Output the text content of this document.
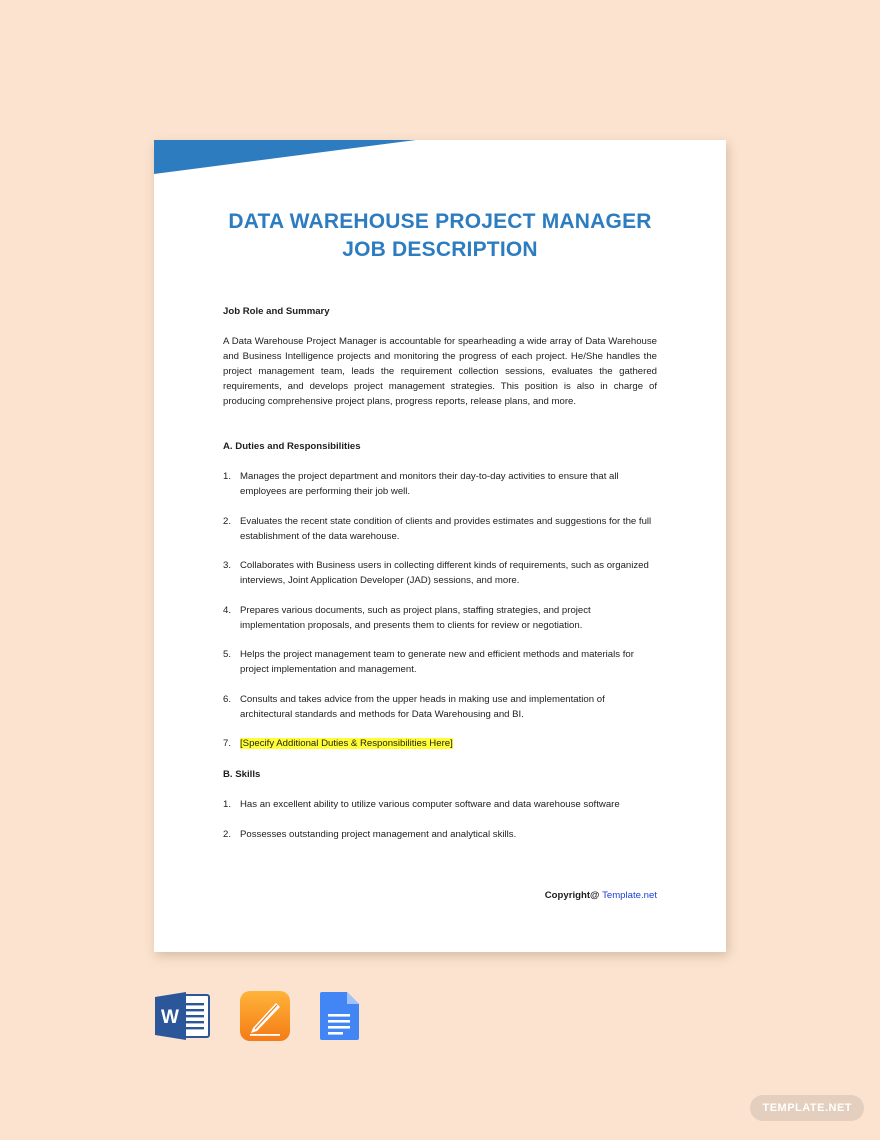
DATA WAREHOUSE PROJECT MANAGER
JOB DESCRIPTION

Job Role and Summary

A Data Warehouse Project Manager is accountable for spearheading a wide array of Data Warehouse and Business Intelligence projects and monitoring the progress of each project. He/She handles the project management team, leads the requirement collection sessions, evaluates the gathered requirements, and develops project management strategies. This position is also in charge of producing comprehensive project plans, progress reports, release plans, and more.

A. Duties and Responsibilities

1. Manages the project department and monitors their day-to-day activities to ensure that all employees are performing their job well.
2. Evaluates the recent state condition of clients and provides estimates and suggestions for the full establishment of the data warehouse.
3. Collaborates with Business users in collecting different kinds of requirements, such as organized interviews, Joint Application Developer (JAD) sessions, and more.
4. Prepares various documents, such as project plans, staffing strategies, and project implementation proposals, and presents them to clients for review or negotiation.
5. Helps the project management team to generate new and efficient methods and materials for project implementation and management.
6. Consults and takes advice from the upper heads in making use and implementation of architectural standards and methods for Data Warehousing and BI.
7. [Specify Additional Duties & Responsibilities Here]

B. Skills

1. Has an excellent ability to utilize various computer software and data warehouse software
2. Possesses outstanding project management and analytical skills.
Copyright@ Template.net
W
TEMPLATE.NET
